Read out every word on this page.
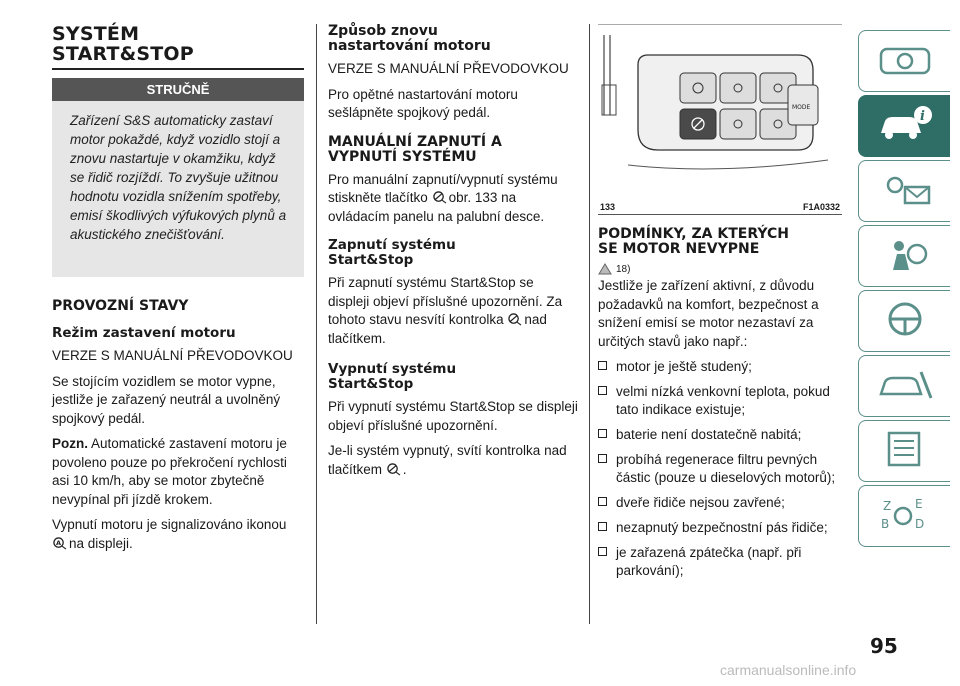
SYSTÉM
START&STOP
STRUČNĚ
Zařízení S&S automaticky zastaví motor pokaždé, když vozidlo stojí a znovu nastartuje v okamžiku, když se řidič rozjíždí. To zvyšuje užitnou hodnotu vozidla snížením spotřeby, emisí škodlivých výfukových plynů a akustického znečišťování.
PROVOZNÍ STAVY
Režim zastavení motoru

VERZE S MANUÁLNÍ PŘEVODOVKOU

Se stojícím vozidlem se motor vypne, jestliže je zařazený neutrál a uvolněný spojkový pedál.

Pozn. Automatické zastavení motoru je povoleno pouze po překročení rychlosti asi 10 km/h, aby se motor zbytečně nevypínal při jízdě krokem.

Vypnutí motoru je signalizováno ikonou

A na displeji.

Způsob znovu
nastartování motoru

VERZE S MANUÁLNÍ PŘEVODOVKOU

Pro opětné nastartování motoru sešlápněte spojkový pedál.

MANUÁLNÍ ZAPNUTÍ A
VYPNUTÍ SYSTÉMU

Pro manuální zapnutí/vypnutí systému stiskněte tlačítko obr. 133 na ovládacím panelu na palubní desce.

Zapnutí systému
Start&Stop

Při zapnutí systému Start&Stop se displeji objeví příslušné upozornění. Za tohoto stavu nesvítí kontrolka nad tlačítkem.

Vypnutí systému
Start&Stop

Při vypnutí systému Start&Stop se displeji objeví příslušné upozornění.

Je-li systém vypnutý, svítí kontrolka nad tlačítkem .

MODE
133	F1A0332
PODMÍNKY, ZA KTERÝCH
SE MOTOR NEVYPNE
18)

Jestliže je zařízení aktivní, z důvodu požadavků na komfort, bezpečnost a snížení emisí se motor nezastaví za určitých stavů jako např.:

motor je ještě studený;
velmi nízká venkovní teplota, pokud tato indikace existuje;
baterie není dostatečně nabitá;
probíhá regenerace filtru pevných částic (pouze u dieselových motorů);
dveře řidiče nejsou zavřené;
nezapnutý bezpečnostní pás řidiče;
je zařazená zpátečka (např. při parkování);
i
Z E
B D
95
carmanualsonline.info
